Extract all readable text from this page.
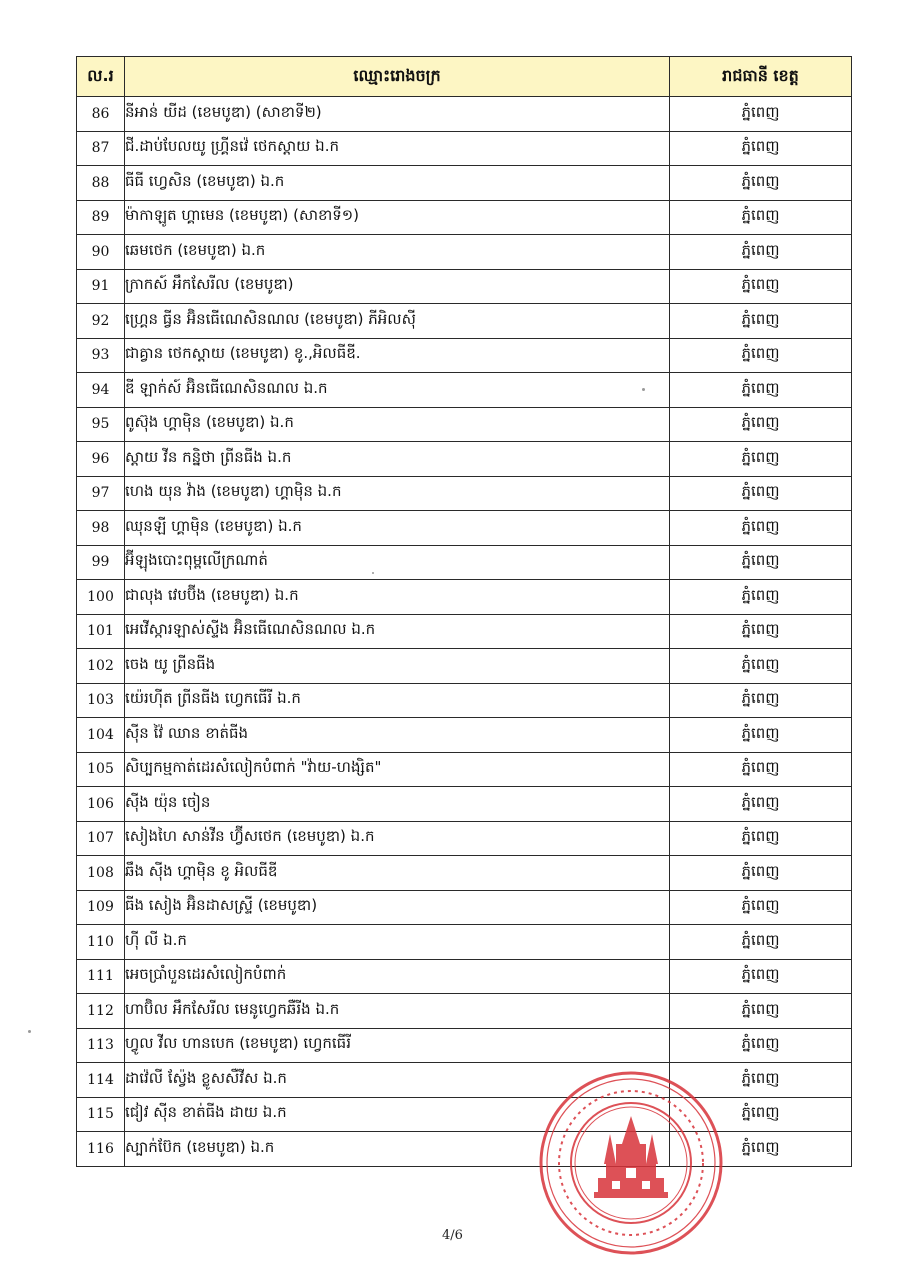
ល.រ	ឈ្មោះរោងចក្រ	រាជធានី ខេត្ត
86	នីអាន់ យីដ (ខេមបូឌា) (សាខាទី២)	ភ្នំពេញ
87	ជី.ដាប់បែលយូ ហ្គ្រីនវ៉េ ថេកស្តាយ ឯ.ក	ភ្នំពេញ
88	ធីធី ហ្វេសិន (ខេមបូឌា) ឯ.ក	ភ្នំពេញ
89	ម៉ាកាឡូត ហ្គាមេន (ខេមបូឌា) (សាខាទី១)	ភ្នំពេញ
90	ឆេមថេក (ខេមបូឌា) ឯ.ក	ភ្នំពេញ
91	ក្រាកស៍ អឹកសែរីល (ខេមបូឌា)	ភ្នំពេញ
92	ហ្គ្រេន ធ្វីន អ៊ិនធើណេសិនណល (ខេមបូឌា) ភីអិលស៊ី	ភ្នំពេញ
93	ជាគ្វាន ថេកស្តាយ (ខេមបូឌា) ខូ.,អិលធីឌី.	ភ្នំពេញ
94	ឌី ឡាក់ស៍ អ៊ិនធើណេសិនណល ឯ.ក	ភ្នំពេញ
95	ពូស៊ុង ហ្គាម៉ិន (ខេមបូឌា) ឯ.ក	ភ្នំពេញ
96	ស្តាយ វីន កន្និថា ព្រីនធីង ឯ.ក	ភ្នំពេញ
97	ហេង យុន វ៉ាង (ខេមបូឌា) ហ្គាម៉ិន ឯ.ក	ភ្នំពេញ
98	ឈុនឡី ហ្គាម៉ិន (ខេមបូឌា) ឯ.ក	ភ្នំពេញ
99	អ៊ីឡុងបោះពុម្ពលើក្រណាត់	ភ្នំពេញ
100	ជាលុង វេបប៊ីង (ខេមបូឌា) ឯ.ក	ភ្នំពេញ
101	អេវើស្ការឡាស់ស្ទីង អ៊ិនធើណេសិនណល ឯ.ក	ភ្នំពេញ
102	ចេង យូ ព្រីនធីង	ភ្នំពេញ
103	យ៉េរហ៊ីត ព្រីនធីង ហ្វេកធើរី ឯ.ក	ភ្នំពេញ
104	ស៊ីន វ៉ៃ ឈាន ខាត់ធីង	ភ្នំពេញ
105	សិប្បកម្មកាត់ដេរសំលៀកបំពាក់ "វ៉ាយ-ហង្សិត"	ភ្នំពេញ
106	ស៊ីង យ៉ុន ចៀន	ភ្នំពេញ
107	សៀងហៃ សាន់វីន ហ្វ៊ីសថេក (ខេមបូឌា) ឯ.ក	ភ្នំពេញ
108	ឆឹង ស៊ីង ហ្គាម៉ិន ខូ អិលធីឌី	ភ្នំពេញ
109	ធីង សៀង អ៊ិនដាសស្ទ្រី (ខេមបូឌា)	ភ្នំពេញ
110	ហ៊ី លី ឯ.ក	ភ្នំពេញ
111	អេចប្រាំបួនដេរសំលៀកបំពាក់	ភ្នំពេញ
112	ហាប៊ិល អឹកសែរីល មេនូហ្វេកឆឺរីង ឯ.ក	ភ្នំពេញ
113	ហ្វូល វីល ហានបេក (ខេមបូឌា) ហ្វេកធើរី	ភ្នំពេញ
114	ដាវ៉េលី ស្វ៉ែង ខ្លូសសឺវីស ឯ.ក	ភ្នំពេញ
115	ជៀវ ស៊ីន ខាត់ធីង ដាយ ឯ.ក	ភ្នំពេញ
116	ស្បាក់ប៊ែក (ខេមបូឌា) ឯ.ក	ភ្នំពេញ
4/6
